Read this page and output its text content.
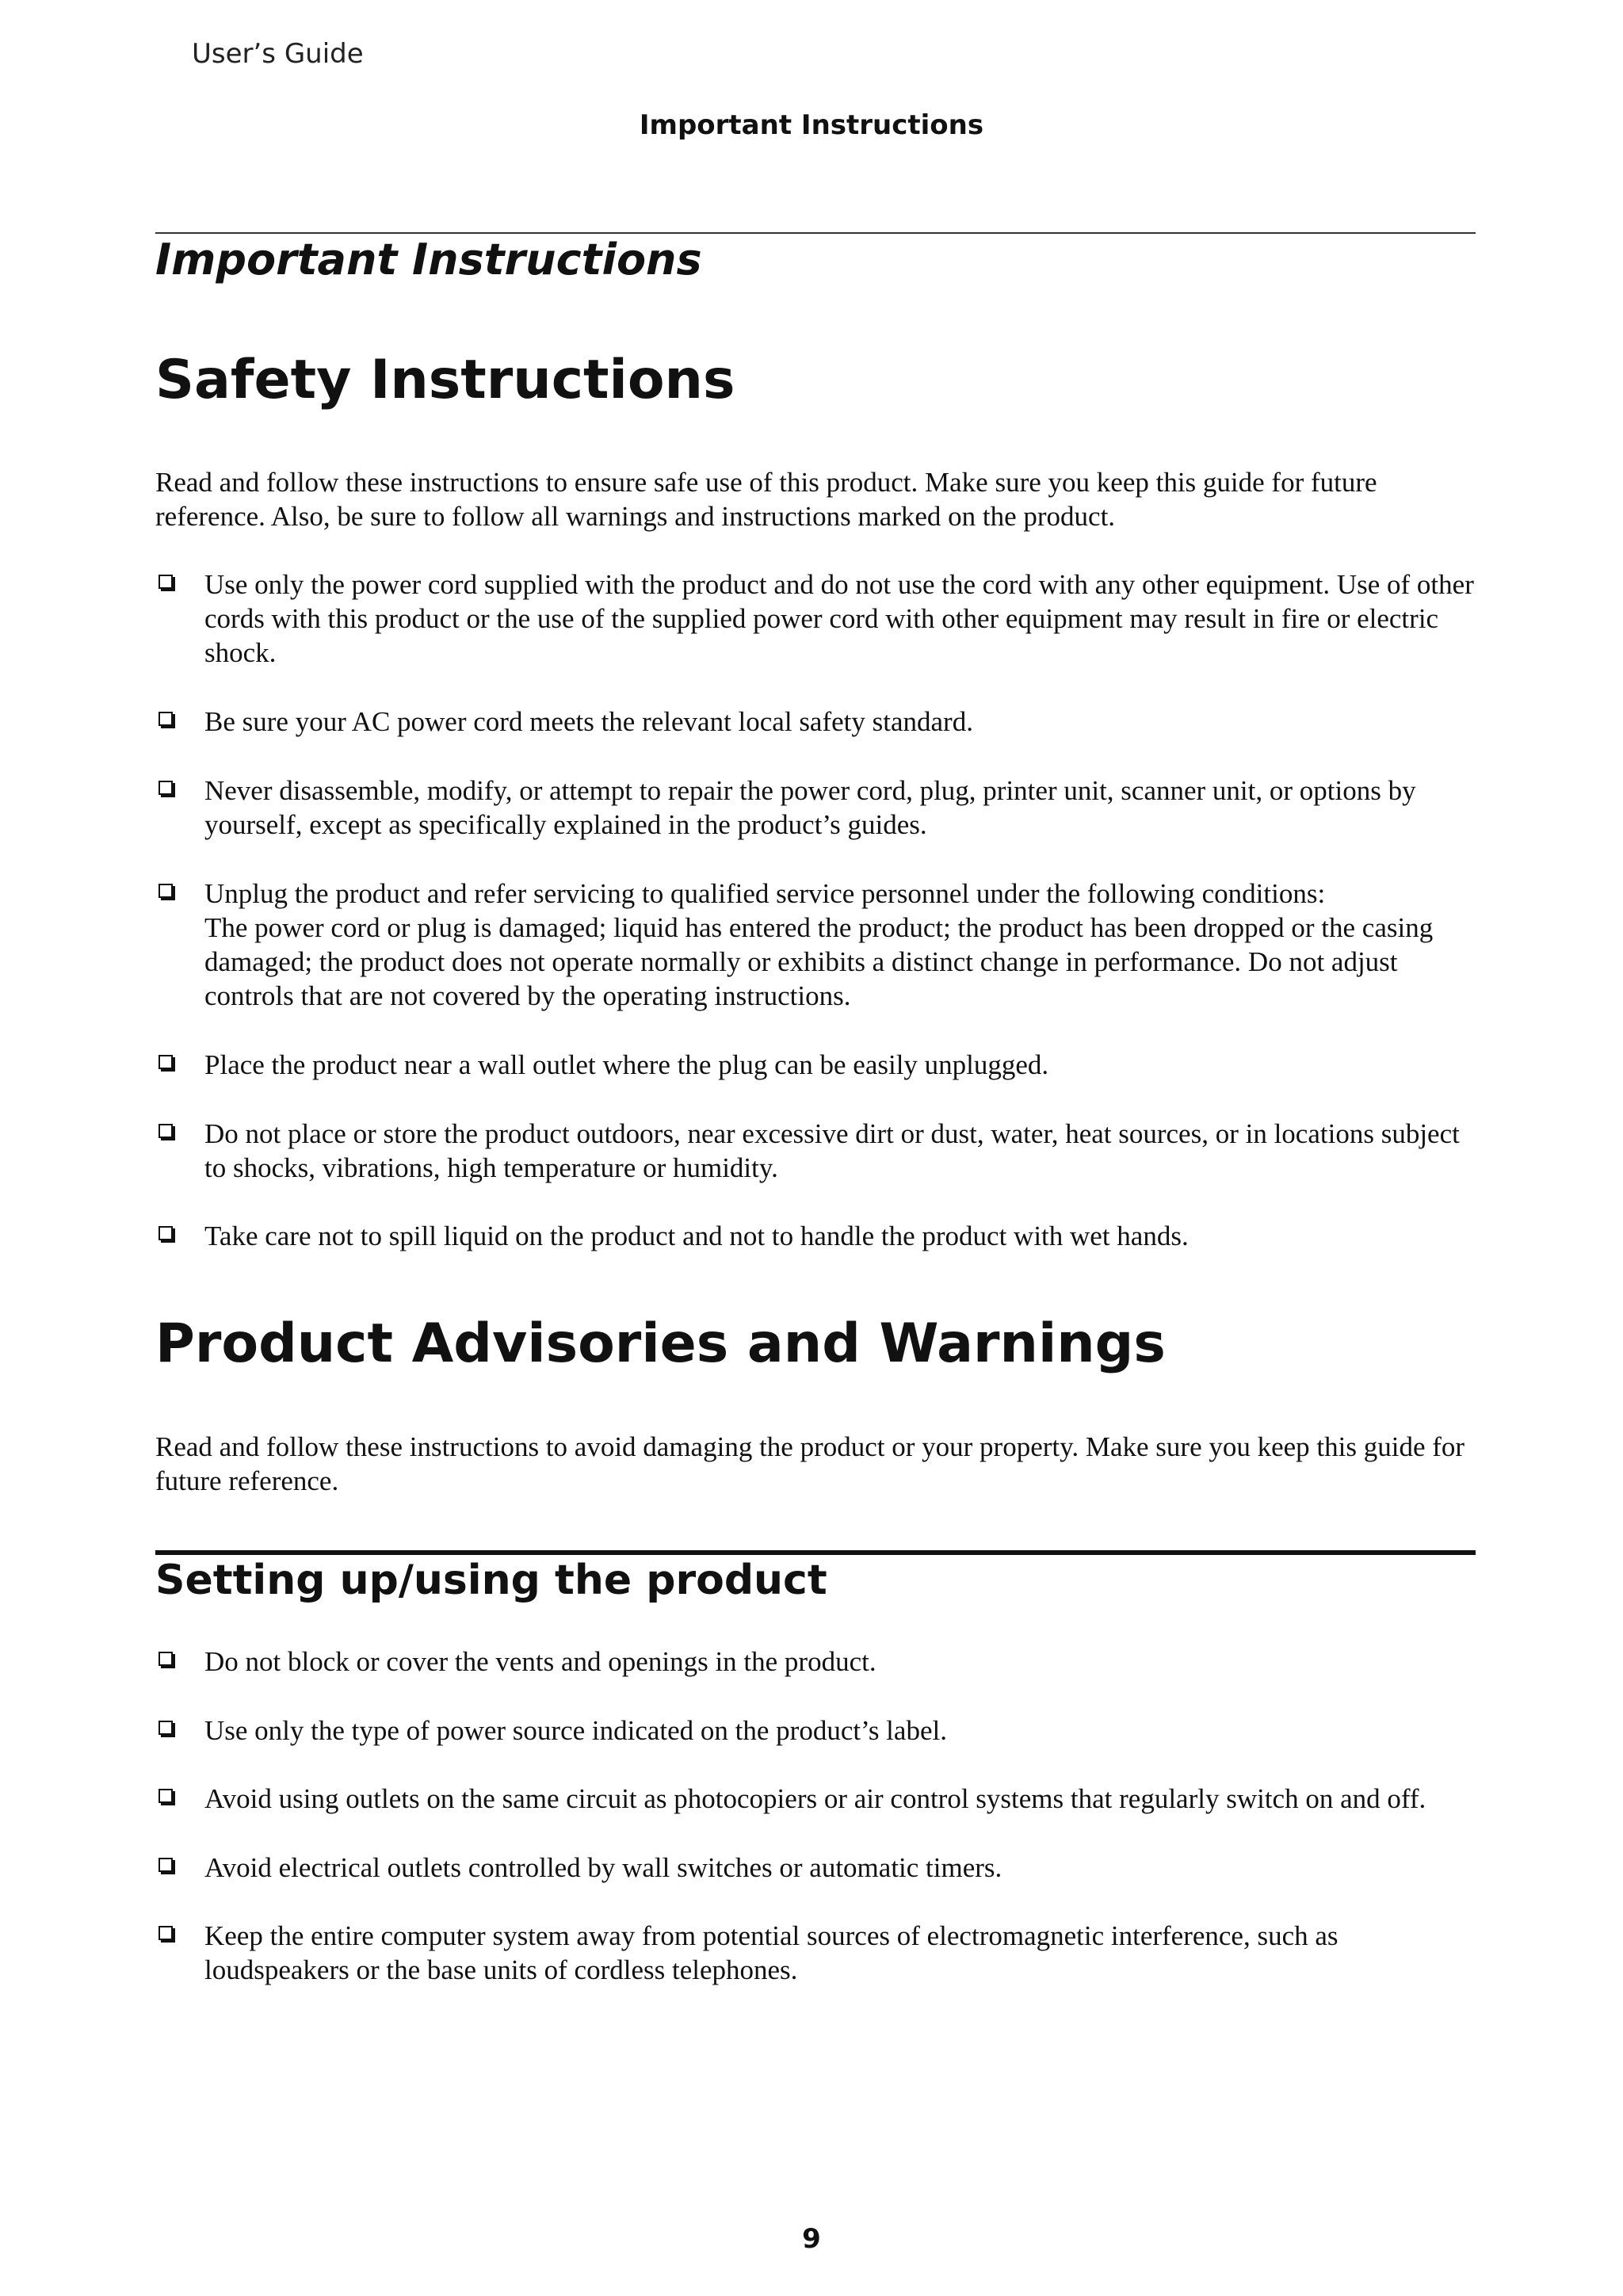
User’s Guide
Important Instructions
Important Instructions
Safety Instructions
Read and follow these instructions to ensure safe use of this product. Make sure you keep this guide for future
reference. Also, be sure to follow all warnings and instructions marked on the product.
Use only the power cord supplied with the product and do not use the cord with any other equipment. Use of other
cords with this product or the use of the supplied power cord with other equipment may result in fire or electric
shock.
Be sure your AC power cord meets the relevant local safety standard.
Never disassemble, modify, or attempt to repair the power cord, plug, printer unit, scanner unit, or options by
yourself, except as specifically explained in the product’s guides.
Unplug the product and refer servicing to qualified service personnel under the following conditions:
The power cord or plug is damaged; liquid has entered the product; the product has been dropped or the casing
damaged; the product does not operate normally or exhibits a distinct change in performance. Do not adjust
controls that are not covered by the operating instructions.
Place the product near a wall outlet where the plug can be easily unplugged.
Do not place or store the product outdoors, near excessive dirt or dust, water, heat sources, or in locations subject
to shocks, vibrations, high temperature or humidity.
Take care not to spill liquid on the product and not to handle the product with wet hands.
Product Advisories and Warnings
Read and follow these instructions to avoid damaging the product or your property. Make sure you keep this guide for
future reference.
Setting up/using the product
Do not block or cover the vents and openings in the product.
Use only the type of power source indicated on the product’s label.
Avoid using outlets on the same circuit as photocopiers or air control systems that regularly switch on and off.
Avoid electrical outlets controlled by wall switches or automatic timers.
Keep the entire computer system away from potential sources of electromagnetic interference, such as
loudspeakers or the base units of cordless telephones.
9
